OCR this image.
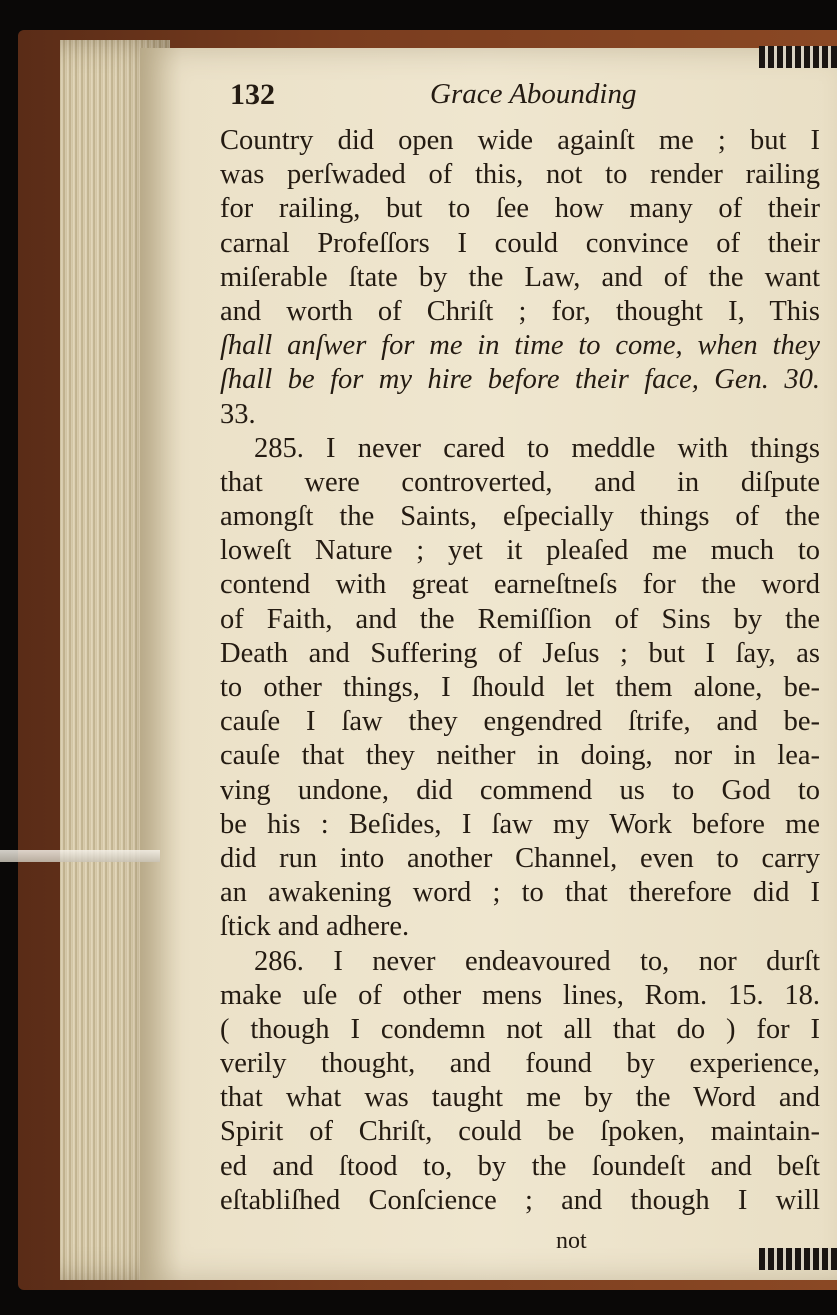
132	Grace Abounding
Country did open wide againſt me ; but I
was perſwaded of this, not to render railing
for railing, but to ſee how many of their
carnal Profeſſors I could convince of their
miſerable ſtate by the Law, and of the want
and worth of Chriſt ; for, thought I, This
ſhall anſwer for me in time to come, when they
ſhall be for my hire before their face, Gen. 30.
33.
285. I never cared to meddle with things
that were controverted, and in diſpute
amongſt the Saints, eſpecially things of the
loweſt Nature ; yet it pleaſed me much to
contend with great earneſtneſs for the word
of Faith, and the Remiſſion of Sins by the
Death and Suffering of Jeſus ; but I ſay, as
to other things, I ſhould let them alone, be-
cauſe I ſaw they engendred ſtrife, and be-
cauſe that they neither in doing, nor in lea-
ving undone, did commend us to God to
be his : Beſides, I ſaw my Work before me
did run into another Channel, even to carry
an awakening word ; to that therefore did I
ſtick and adhere.
286. I never endeavoured to, nor durſt
make uſe of other mens lines, Rom. 15. 18.
( though I condemn not all that do ) for I
verily thought, and found by experience,
that what was taught me by the Word and
Spirit of Chriſt, could be ſpoken, maintain-
ed and ſtood to, by the ſoundeſt and beſt
eſtabliſhed Conſcience ; and though I will
not
